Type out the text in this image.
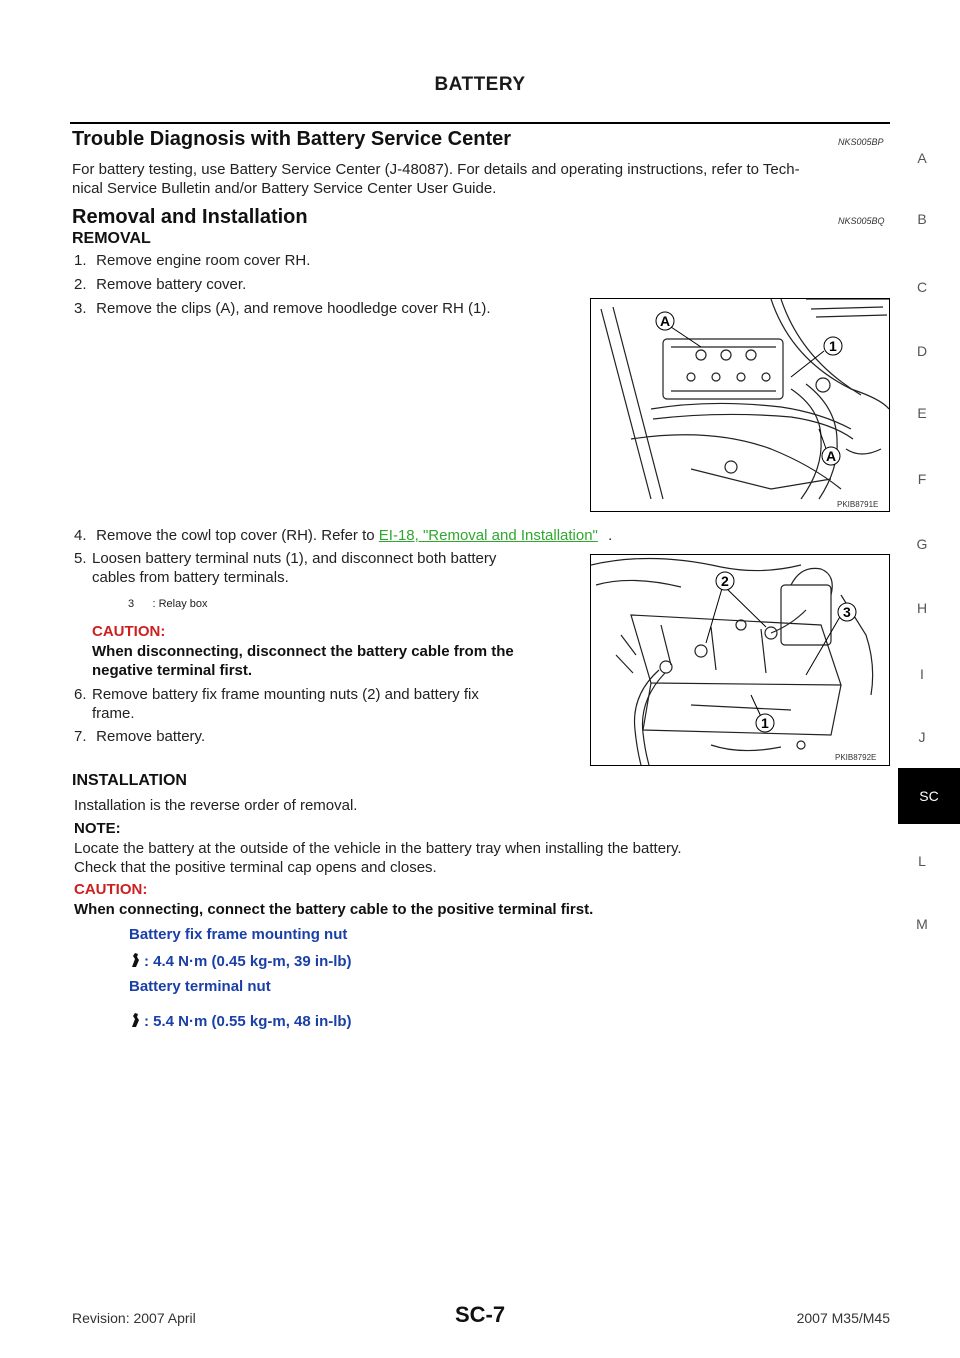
BATTERY
Trouble Diagnosis with Battery Service Center	NKS005BP
For battery testing, use Battery Service Center (J-48087). For details and operating instructions, refer to Tech-
nical Service Bulletin and/or Battery Service Center User Guide.
Removal and Installation	NKS005BQ
REMOVAL
1. Remove engine room cover RH.
2. Remove battery cover.
3. Remove the clips (A), and remove hoodledge cover RH (1).
A
1
A
PKIB8791E
4. Remove the cowl top cover (RH). Refer to EI-18, "Removal and Installation" .
5. Loosen battery terminal nuts (1), and disconnect both battery
cables from battery terminals.
3      : Relay box
CAUTION:
When disconnecting, disconnect the battery cable from the
negative terminal first.
6. Remove battery fix frame mounting nuts (2) and battery fix
frame.
7. Remove battery.
2
3
1
PKIB8792E
INSTALLATION
Installation is the reverse order of removal.
NOTE:
Locate the battery at the outside of the vehicle in the battery tray when installing the battery.
Check that the positive terminal cap opens and closes.
CAUTION:
When connecting, connect the battery cable to the positive terminal first.
Battery fix frame mounting nut
: 4.4 N·m (0.45 kg-m, 39 in-lb)
Battery terminal nut
: 5.4 N·m (0.55 kg-m, 48 in-lb)
A
B
C
D
E
F
G
H
I
J
SC
L
M
Revision: 2007 April	SC-7	2007 M35/M45
